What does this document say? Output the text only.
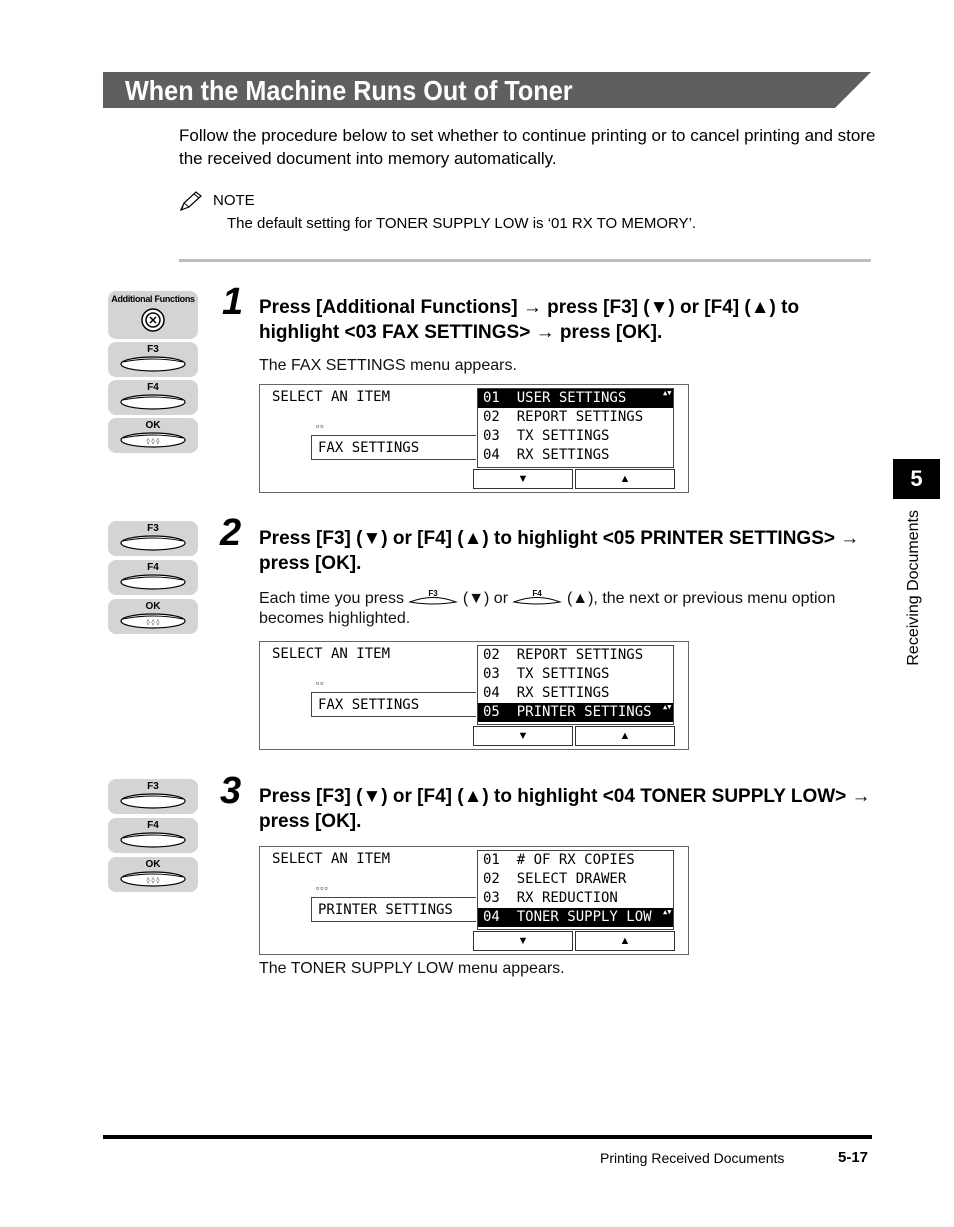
When the Machine Runs Out of Toner
Follow the procedure below to set whether to continue printing or to cancel printing and store the received document into memory automatically.
NOTE
The default setting for TONER SUPPLY LOW is ‘01 RX TO MEMORY’.
Additional Functions
F3
F4
OK
◊ ◊ ◊
1 Press [Additional Functions] → press [F3] (▼) or [F4] (▲) to highlight <03 FAX SETTINGS> → press [OK].
The FAX SETTINGS menu appears.
SELECT AN ITEM
▫▫
FAX SETTINGS
01  USER SETTINGS ▲▼
02  REPORT SETTINGS
03  TX SETTINGS
04  RX SETTINGS
▼	▲
F3
F4
OK
◊ ◊ ◊
2 Press [F3] (▼) or [F4] (▲) to highlight <05 PRINTER SETTINGS> → press [OK].
Each time you press	F3 (▼) or	F4 (▲), the next or previous menu option
becomes highlighted.
SELECT AN ITEM
▫▫
FAX SETTINGS
02  REPORT SETTINGS
03  TX SETTINGS
04  RX SETTINGS
05  PRINTER SETTINGS ▲▼
▼	▲
F3
F4
OK
◊ ◊ ◊
3 Press [F3] (▼) or [F4] (▲) to highlight <04 TONER SUPPLY LOW> → press [OK].
SELECT AN ITEM
▫▫▫
PRINTER SETTINGS
01  # OF RX COPIES
02  SELECT DRAWER
03  RX REDUCTION
04  TONER SUPPLY LOW ▲▼
▼	▲
The TONER SUPPLY LOW menu appears.
5
Receiving Documents
Printing Received Documents	5-17
